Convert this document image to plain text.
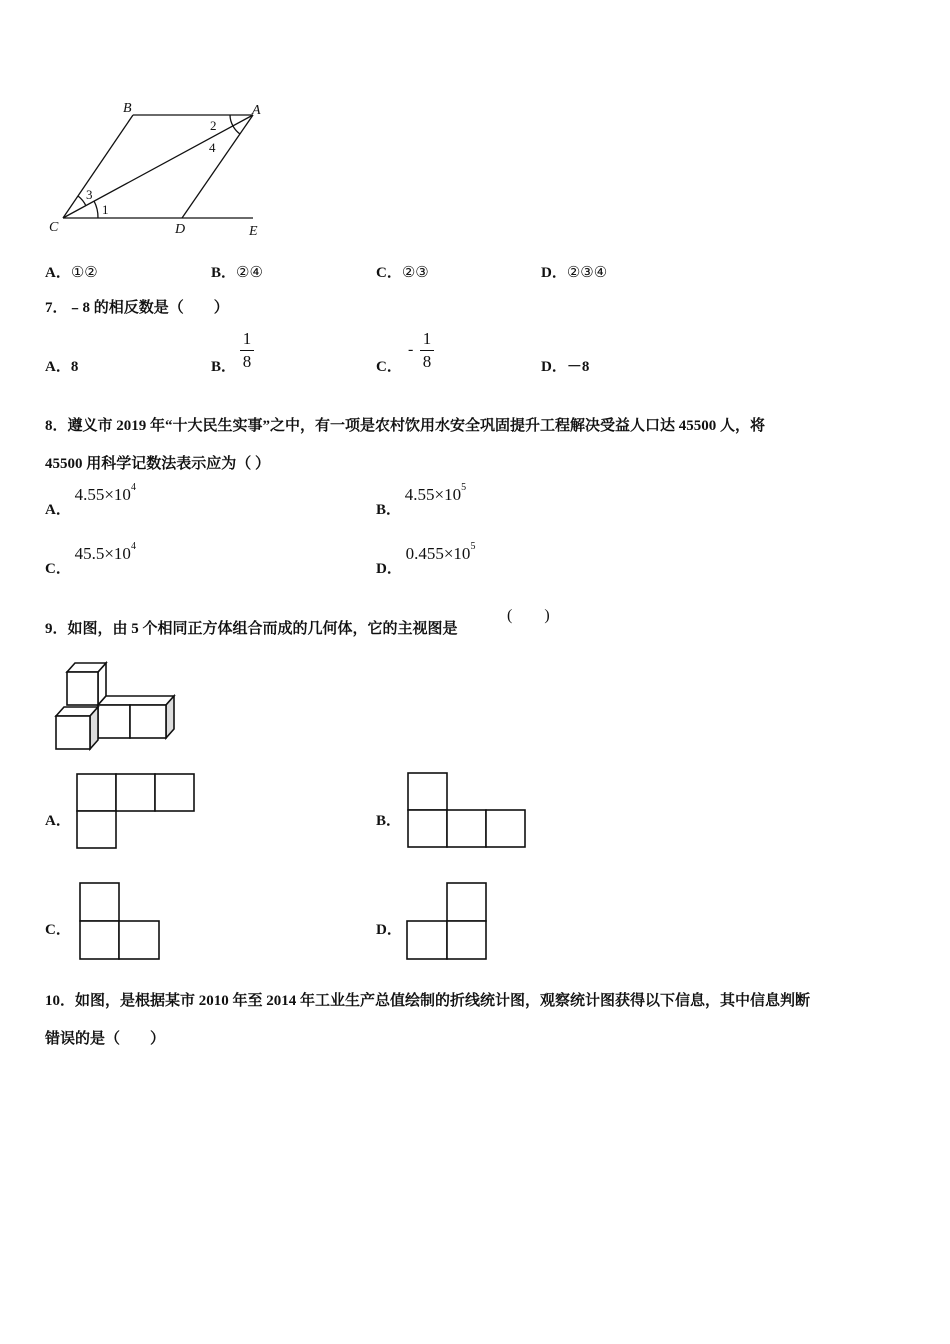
B	A
C	D	E
2
4
3
1
A．①②	B．②④	C．②③	D．②③④
7．﹣8 的相反数是（　　）
A．8	B．
1
8	C．
-
1
8	D．－8
8．遵义市 2019 年“十大民生实事”之中，有一项是农村饮用水安全巩固提升工程解决受益人口达 45500 人，将
45500 用科学记数法表示应为（ ）
A． $4.55\times 10^4$
B． $4.55\times 10^5$
C． $45.5\times 10^4$
D． $0.455\times 10^5$
9．如图，由 5 个相同正方体组合而成的几何体，它的主视图是
(　　)
A．	B．
C．	D．
10．如图，是根据某市 2010 年至 2014 年工业生产总值绘制的折线统计图，观察统计图获得以下信息，其中信息判断
错误的是（　　）
